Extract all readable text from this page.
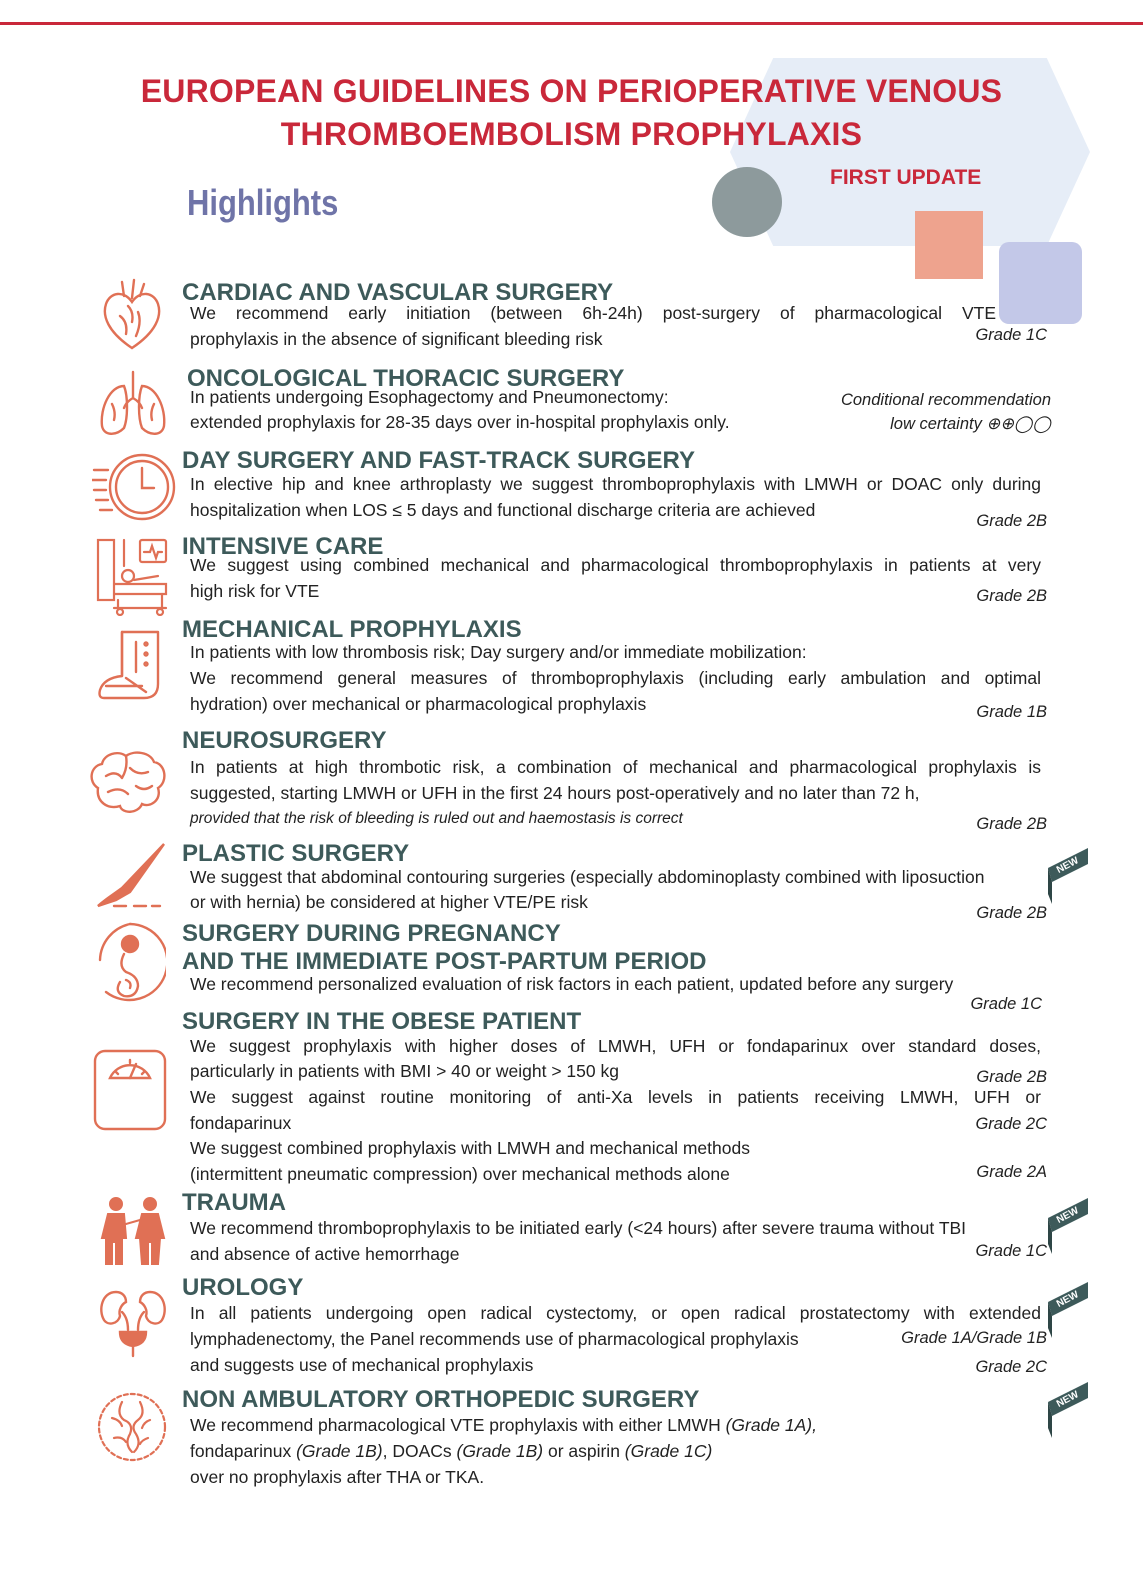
EUROPEAN GUIDELINES ON PERIOPERATIVE VENOUS
THROMBOEMBOLISM PROPHYLAXIS
FIRST UPDATE
Highlights
CARDIAC AND VASCULAR SURGERY
We recommend early initiation (between 6h-24h) post-surgery of pharmacological VTE
prophylaxis in the absence of significant bleeding risk	Grade 1C
ONCOLOGICAL THORACIC SURGERY
In patients undergoing Esophagectomy and Pneumonectomy:
extended prophylaxis for 28-35 days over in-hospital prophylaxis only.
Conditional recommendation
low certainty ⊕⊕◯◯
DAY SURGERY AND FAST-TRACK SURGERY
In elective hip and knee arthroplasty we suggest thromboprophylaxis with LMWH or DOAC only during
hospitalization when LOS ≤ 5 days and functional discharge criteria are achieved
Grade 2B
INTENSIVE CARE
We suggest using combined mechanical and pharmacological thromboprophylaxis in patients at very
high risk for VTE	Grade 2B
MECHANICAL PROPHYLAXIS
In patients with low thrombosis risk; Day surgery and/or immediate mobilization:
We recommend general measures of thromboprophylaxis (including early ambulation and optimal
hydration) over mechanical or pharmacological prophylaxis	Grade 1B
NEUROSURGERY
In patients at high thrombotic risk, a combination of mechanical and pharmacological prophylaxis is
suggested, starting LMWH or UFH in the first 24 hours post-operatively and no later than 72 h,
provided that the risk of bleeding is ruled out and haemostasis is correct	Grade 2B
PLASTIC SURGERY
We suggest that abdominal contouring surgeries (especially abdominoplasty combined with liposuction
or with hernia) be considered at higher VTE/PE risk
Grade 2B
SURGERY DURING PREGNANCY
AND THE IMMEDIATE POST-PARTUM PERIOD
We recommend personalized evaluation of risk factors in each patient, updated before any surgery
Grade 1C
SURGERY IN THE OBESE PATIENT
We suggest prophylaxis with higher doses of LMWH, UFH or fondaparinux over standard doses,
particularly in patients with BMI > 40 or weight > 150 kg	Grade 2B
We suggest against routine monitoring of anti-Xa levels in patients receiving LMWH, UFH or
fondaparinux	Grade 2C
We suggest combined prophylaxis with LMWH and mechanical methods
(intermittent pneumatic compression) over mechanical methods alone	Grade 2A
TRAUMA
We recommend thromboprophylaxis to be initiated early (<24 hours) after severe trauma without TBI
and absence of active hemorrhage	Grade 1C
UROLOGY
In all patients undergoing open radical cystectomy, or open radical prostatectomy with extended
lymphadenectomy, the Panel recommends use of pharmacological prophylaxis	Grade 1A/Grade 1B
and suggests use of mechanical prophylaxis	Grade 2C
NON AMBULATORY ORTHOPEDIC SURGERY
We recommend pharmacological VTE prophylaxis with either LMWH (Grade 1A),
fondaparinux (Grade 1B), DOACs (Grade 1B) or aspirin (Grade 1C)
over no prophylaxis after THA or TKA.
NEW
NEW
NEW
NEW
